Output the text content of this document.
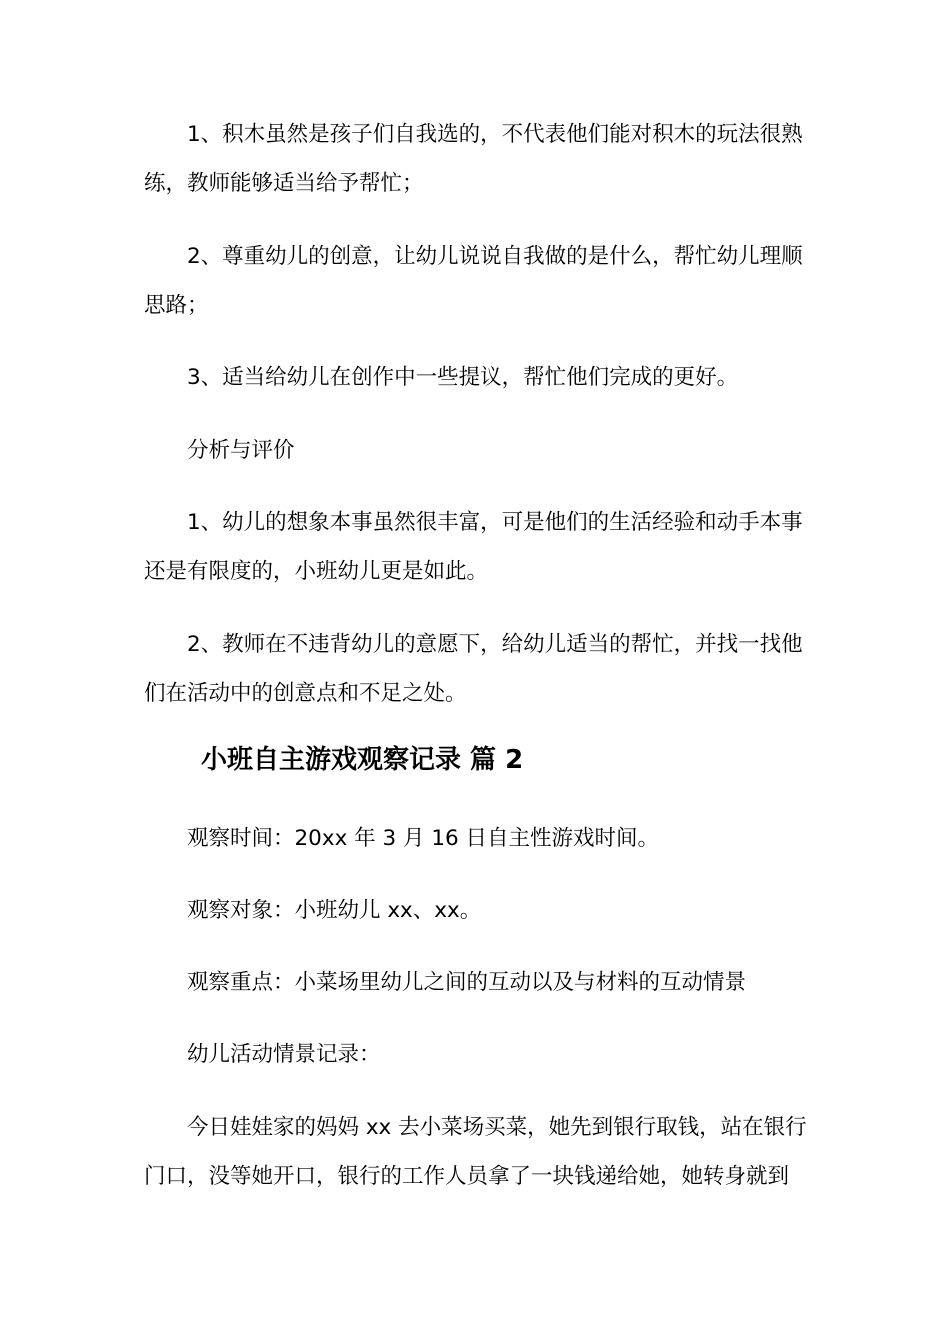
1、积木虽然是孩子们自我选的，不代表他们能对积木的玩法很熟
练，教师能够适当给予帮忙；
2、尊重幼儿的创意，让幼儿说说自我做的是什么，帮忙幼儿理顺
思路；
3、适当给幼儿在创作中一些提议，帮忙他们完成的更好。
分析与评价
1、幼儿的想象本事虽然很丰富，可是他们的生活经验和动手本事
还是有限度的，小班幼儿更是如此。
2、教师在不违背幼儿的意愿下，给幼儿适当的帮忙，并找一找他
们在活动中的创意点和不足之处。
小班自主游戏观察记录 篇 2
观察时间：20xx 年 3 月 16 日自主性游戏时间。
观察对象：小班幼儿 xx、xx。
观察重点：小菜场里幼儿之间的互动以及与材料的互动情景
幼儿活动情景记录：
今日娃娃家的妈妈 xx 去小菜场买菜，她先到银行取钱，站在银行
门口，没等她开口，银行的工作人员拿了一块钱递给她，她转身就到
